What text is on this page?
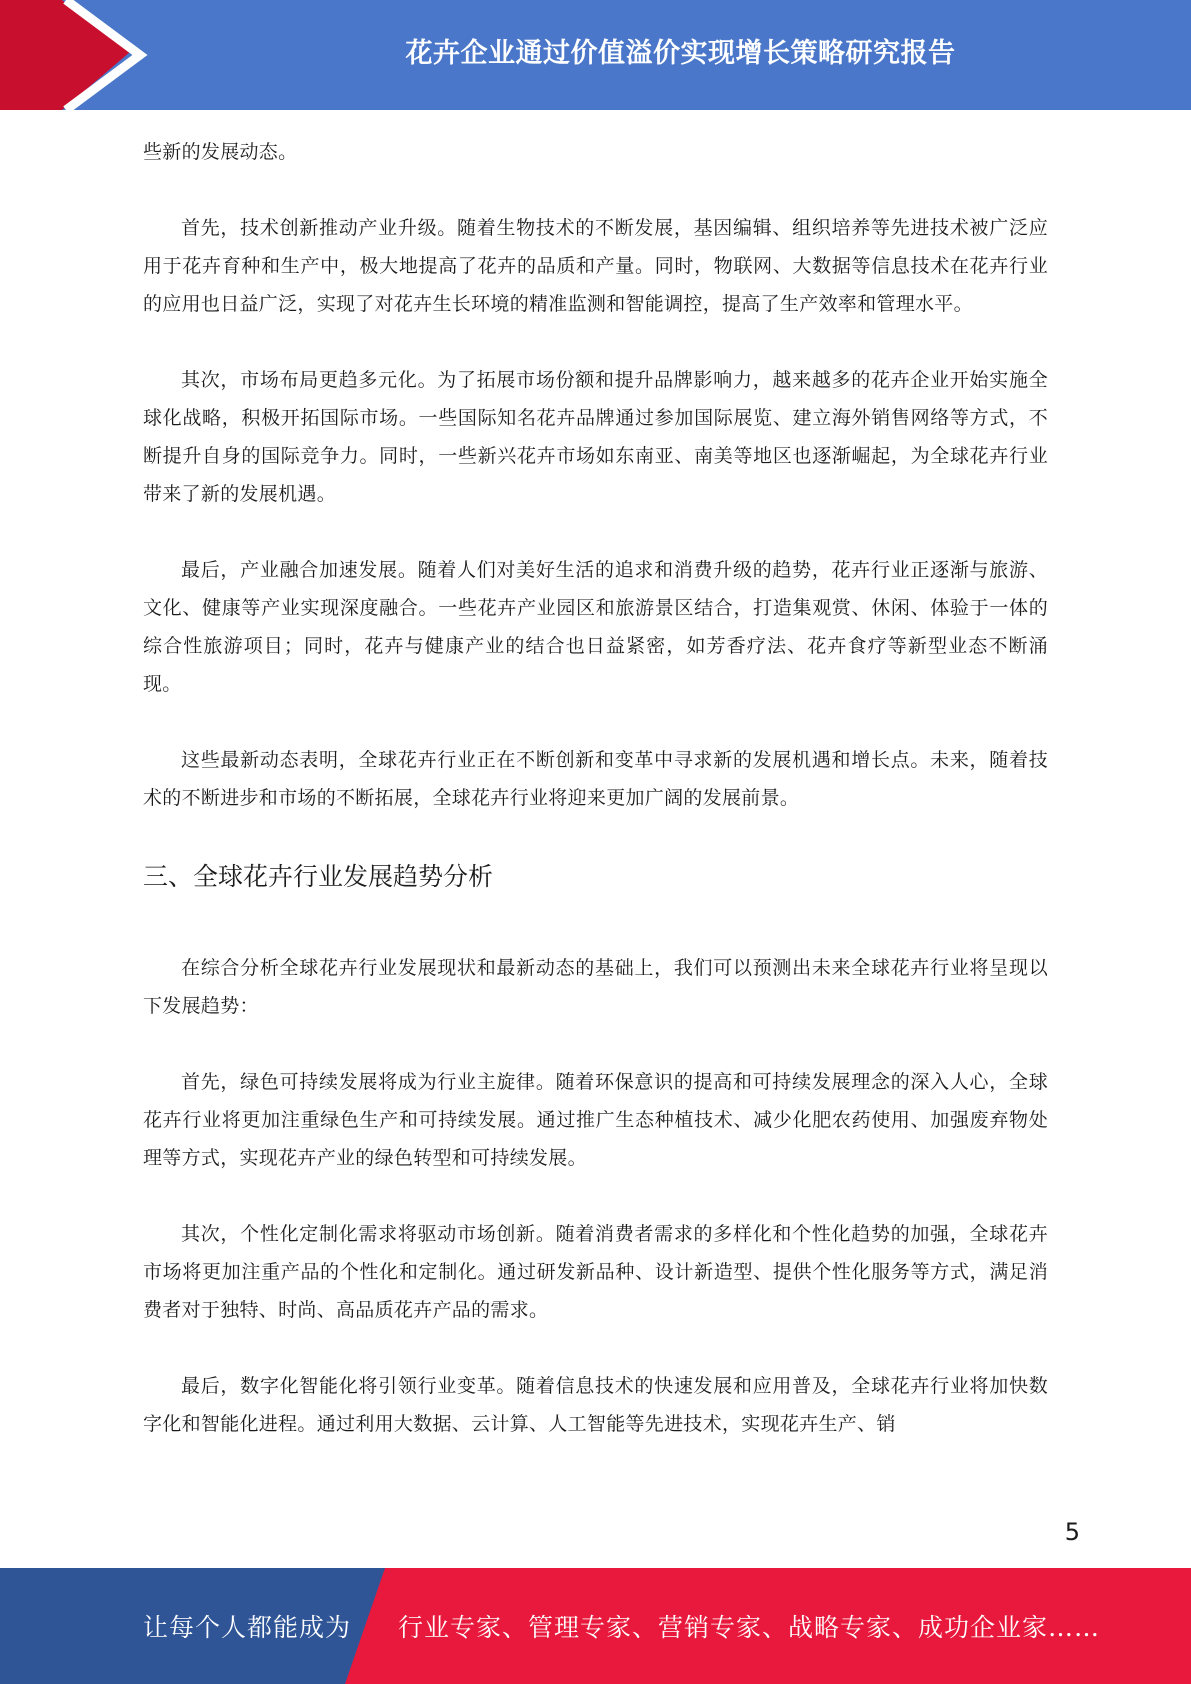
花卉企业通过价值溢价实现增长策略研究报告

些新的发展动态。

首先，技术创新推动产业升级。随着生物技术的不断发展，基因编辑、组织培养等先进技术被广泛应用于花卉育种和生产中，极大地提高了花卉的品质和产量。同时，物联网、大数据等信息技术在花卉行业的应用也日益广泛，实现了对花卉生长环境的精准监测和智能调控，提高了生产效率和管理水平。

其次，市场布局更趋多元化。为了拓展市场份额和提升品牌影响力，越来越多的花卉企业开始实施全球化战略，积极开拓国际市场。一些国际知名花卉品牌通过参加国际展览、建立海外销售网络等方式，不断提升自身的国际竞争力。同时，一些新兴花卉市场如东南亚、南美等地区也逐渐崛起，为全球花卉行业带来了新的发展机遇。

最后，产业融合加速发展。随着人们对美好生活的追求和消费升级的趋势，花卉行业正逐渐与旅游、文化、健康等产业实现深度融合。一些花卉产业园区和旅游景区结合，打造集观赏、休闲、体验于一体的综合性旅游项目；同时，花卉与健康产业的结合也日益紧密，如芳香疗法、花卉食疗等新型业态不断涌现。

这些最新动态表明，全球花卉行业正在不断创新和变革中寻求新的发展机遇和增长点。未来，随着技术的不断进步和市场的不断拓展，全球花卉行业将迎来更加广阔的发展前景。

三、全球花卉行业发展趋势分析

在综合分析全球花卉行业发展现状和最新动态的基础上，我们可以预测出未来全球花卉行业将呈现以下发展趋势：

首先，绿色可持续发展将成为行业主旋律。随着环保意识的提高和可持续发展理念的深入人心，全球花卉行业将更加注重绿色生产和可持续发展。通过推广生态种植技术、减少化肥农药使用、加强废弃物处理等方式，实现花卉产业的绿色转型和可持续发展。

其次，个性化定制化需求将驱动市场创新。随着消费者需求的多样化和个性化趋势的加强，全球花卉市场将更加注重产品的个性化和定制化。通过研发新品种、设计新造型、提供个性化服务等方式，满足消费者对于独特、时尚、高品质花卉产品的需求。

最后，数字化智能化将引领行业变革。随着信息技术的快速发展和应用普及，全球花卉行业将加快数字化和智能化进程。通过利用大数据、云计算、人工智能等先进技术，实现花卉生产、销

5
让每个人都能成为 行业专家、管理专家、营销专家、战略专家、成功企业家……
